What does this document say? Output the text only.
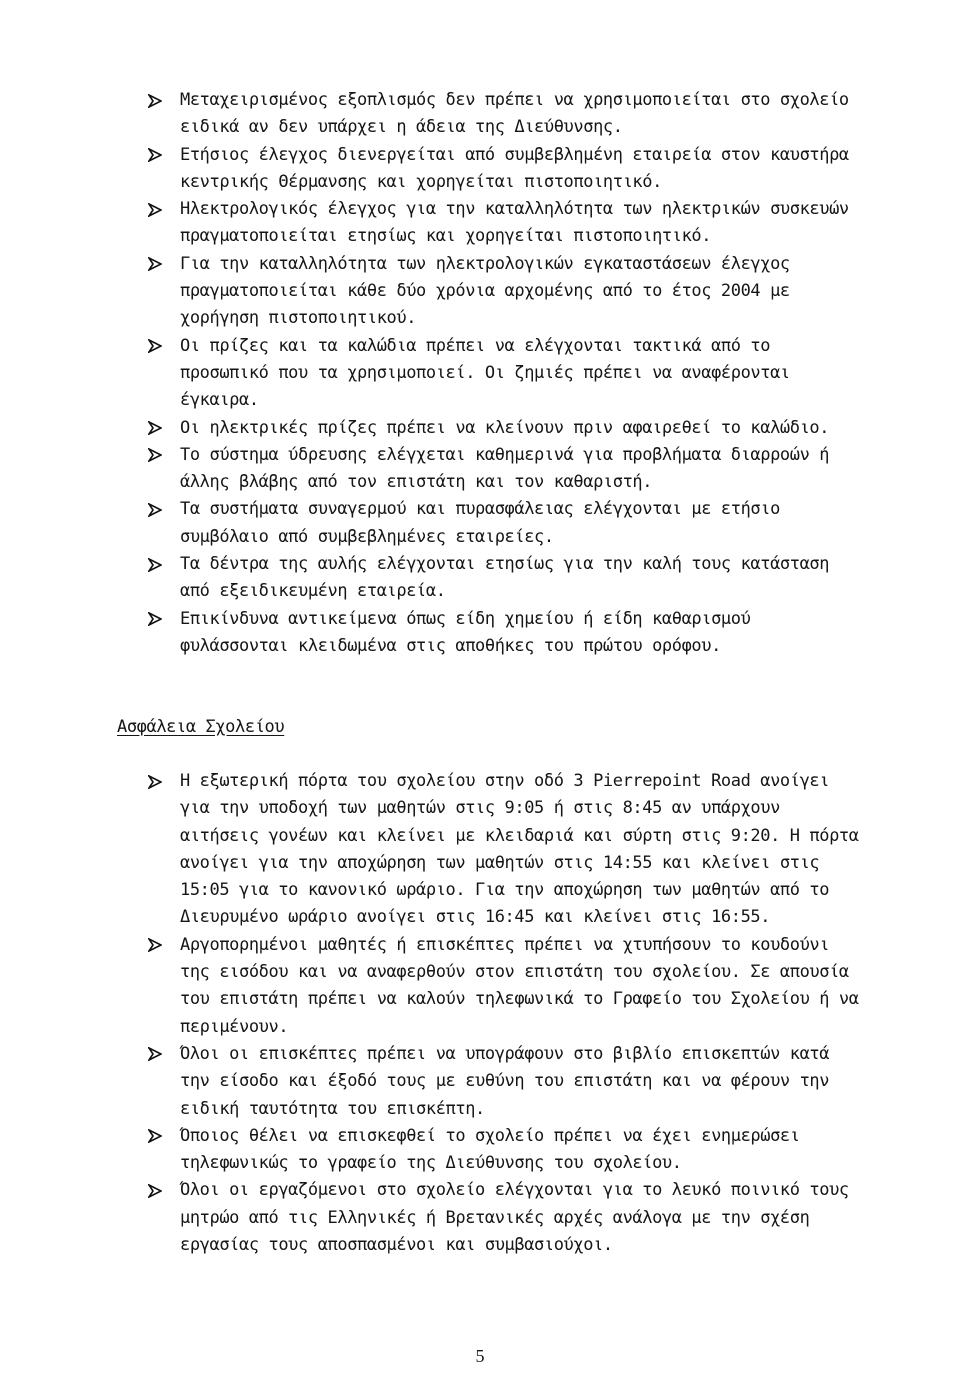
Μεταχειρισμένος εξοπλισμός δεν πρέπει να χρησιμοποιείται στο σχολείο ειδικά αν δεν υπάρχει η άδεια της Διεύθυνσης.
Ετήσιος έλεγχος διενεργείται από συμβεβλημένη εταιρεία στον καυστήρα κεντρικής Θέρμανσης και χορηγείται πιστοποιητικό.
Ηλεκτρολογικός έλεγχος για την καταλληλότητα των ηλεκτρικών συσκευών πραγματοποιείται ετησίως και χορηγείται πιστοποιητικό.
Για την καταλληλότητα των ηλεκτρολογικών εγκαταστάσεων έλεγχος πραγματοποιείται κάθε δύο χρόνια αρχομένης από το έτος 2004 με χορήγηση πιστοποιητικού.
Οι πρίζες και τα καλώδια πρέπει να ελέγχονται τακτικά από το προσωπικό που τα χρησιμοποιεί. Οι ζημιές πρέπει να αναφέρονται έγκαιρα.
Οι ηλεκτρικές πρίζες πρέπει να κλείνουν πριν αφαιρεθεί το καλώδιο.
Το σύστημα ύδρευσης ελέγχεται καθημερινά για προβλήματα διαρροών ή άλλης βλάβης από τον επιστάτη και τον καθαριστή.
Τα συστήματα συναγερμού και πυρασφάλειας ελέγχονται με ετήσιο συμβόλαιο από συμβεβλημένες εταιρείες.
Τα δέντρα της αυλής ελέγχονται ετησίως για την καλή τους κατάσταση από εξειδικευμένη εταιρεία.
Επικίνδυνα αντικείμενα όπως είδη χημείου ή είδη καθαρισμού φυλάσσονται κλειδωμένα στις αποθήκες του πρώτου ορόφου.
Ασφάλεια Σχολείου
Η εξωτερική πόρτα του σχολείου στην οδό 3 Pierrepoint Road ανοίγει για την υποδοχή των μαθητών στις 9:05 ή στις 8:45 αν υπάρχουν αιτήσεις γονέων και κλείνει με κλειδαριά και σύρτη στις 9:20. Η πόρτα ανοίγει για την αποχώρηση των μαθητών στις 14:55 και κλείνει στις 15:05 για το κανονικό ωράριο. Για την αποχώρηση των μαθητών από το Διευρυμένο ωράριο ανοίγει στις 16:45 και κλείνει στις 16:55.
Αργοπορημένοι μαθητές ή επισκέπτες πρέπει να χτυπήσουν το κουδούνι της εισόδου και να αναφερθούν στον επιστάτη του σχολείου. Σε απουσία του επιστάτη πρέπει να καλούν τηλεφωνικά το Γραφείο του Σχολείου ή να περιμένουν.
Όλοι οι επισκέπτες πρέπει να υπογράφουν στο βιβλίο επισκεπτών κατά την είσοδο και έξοδό τους με ευθύνη του επιστάτη και να φέρουν την ειδική ταυτότητα του επισκέπτη.
Όποιος θέλει να επισκεφθεί το σχολείο πρέπει να έχει ενημερώσει τηλεφωνικώς το γραφείο της Διεύθυνσης του σχολείου.
Όλοι οι εργαζόμενοι στο σχολείο ελέγχονται για το λευκό ποινικό τους μητρώο από τις Ελληνικές ή Βρετανικές αρχές ανάλογα με την σχέση εργασίας τους αποσπασμένοι και συμβασιούχοι.
5
